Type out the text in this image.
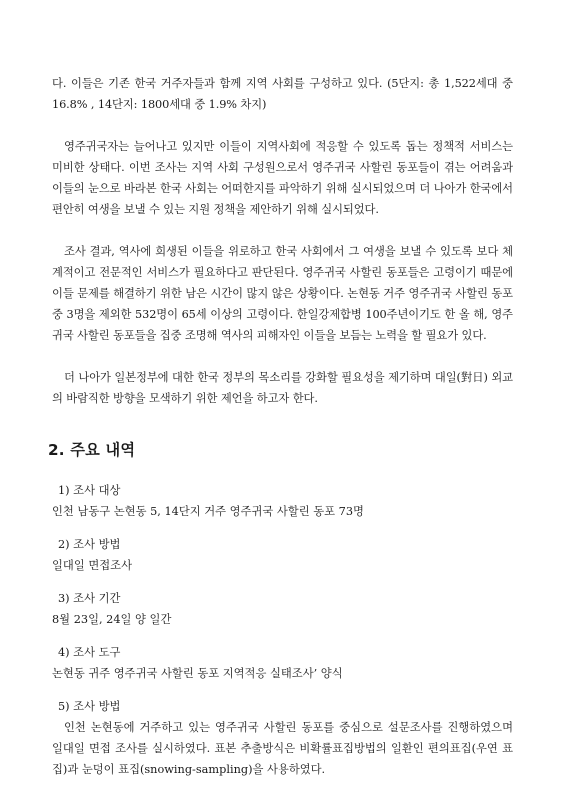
다. 이들은 기존 한국 거주자들과 함께 지역 사회를 구성하고 있다. (5단지: 총 1,522세대 중 16.8% , 14단지: 1800세대 중 1.9% 차지)

영주귀국자는 늘어나고 있지만 이들이 지역사회에 적응할 수 있도록 돕는 정책적 서비스는 미비한 상태다. 이번 조사는 지역 사회 구성원으로서 영주귀국 사할린 동포들이 겪는 어려움과 이들의 눈으로 바라본 한국 사회는 어떠한지를 파악하기 위해 실시되었으며 더 나아가 한국에서 편안히 여생을 보낼 수 있는 지원 정책을 제안하기 위해 실시되었다.

조사 결과, 역사에 희생된 이들을 위로하고 한국 사회에서 그 여생을 보낼 수 있도록 보다 체계적이고 전문적인 서비스가 필요하다고 판단된다. 영주귀국 사할린 동포들은 고령이기 때문에 이들 문제를 해결하기 위한 남은 시간이 많지 않은 상황이다. 논현동 거주 영주귀국 사할린 동포 중 3명을 제외한 532명이 65세 이상의 고령이다. 한일강제합병 100주년이기도 한 올 해, 영주귀국 사할린 동포들을 집중 조명해 역사의 피해자인 이들을 보듬는 노력을 할 필요가 있다.

더 나아가 일본정부에 대한 한국 정부의 목소리를 강화할 필요성을 제기하며 대일(對日) 외교의 바람직한 방향을 모색하기 위한 제언을 하고자 한다.

2. 주요 내역
1) 조사 대상
인천 남동구 논현동 5, 14단지 거주 영주귀국 사할린 동포 73명
2) 조사 방법
일대일 면접조사
3) 조사 기간
8월 23일, 24일 양 일간
4) 조사 도구
논현동 귀주 영주귀국 사할린 동포 지역적응 실태조사’ 양식
5) 조사 방법
인천 논현동에 거주하고 있는 영주귀국 사할린 동포를 중심으로 설문조사를 진행하였으며 일대일 면접 조사를 실시하였다. 표본 추출방식은 비확률표집방법의 일환인 편의표집(우연 표집)과 눈덩이 표집(snowing-sampling)을 사용하였다.
